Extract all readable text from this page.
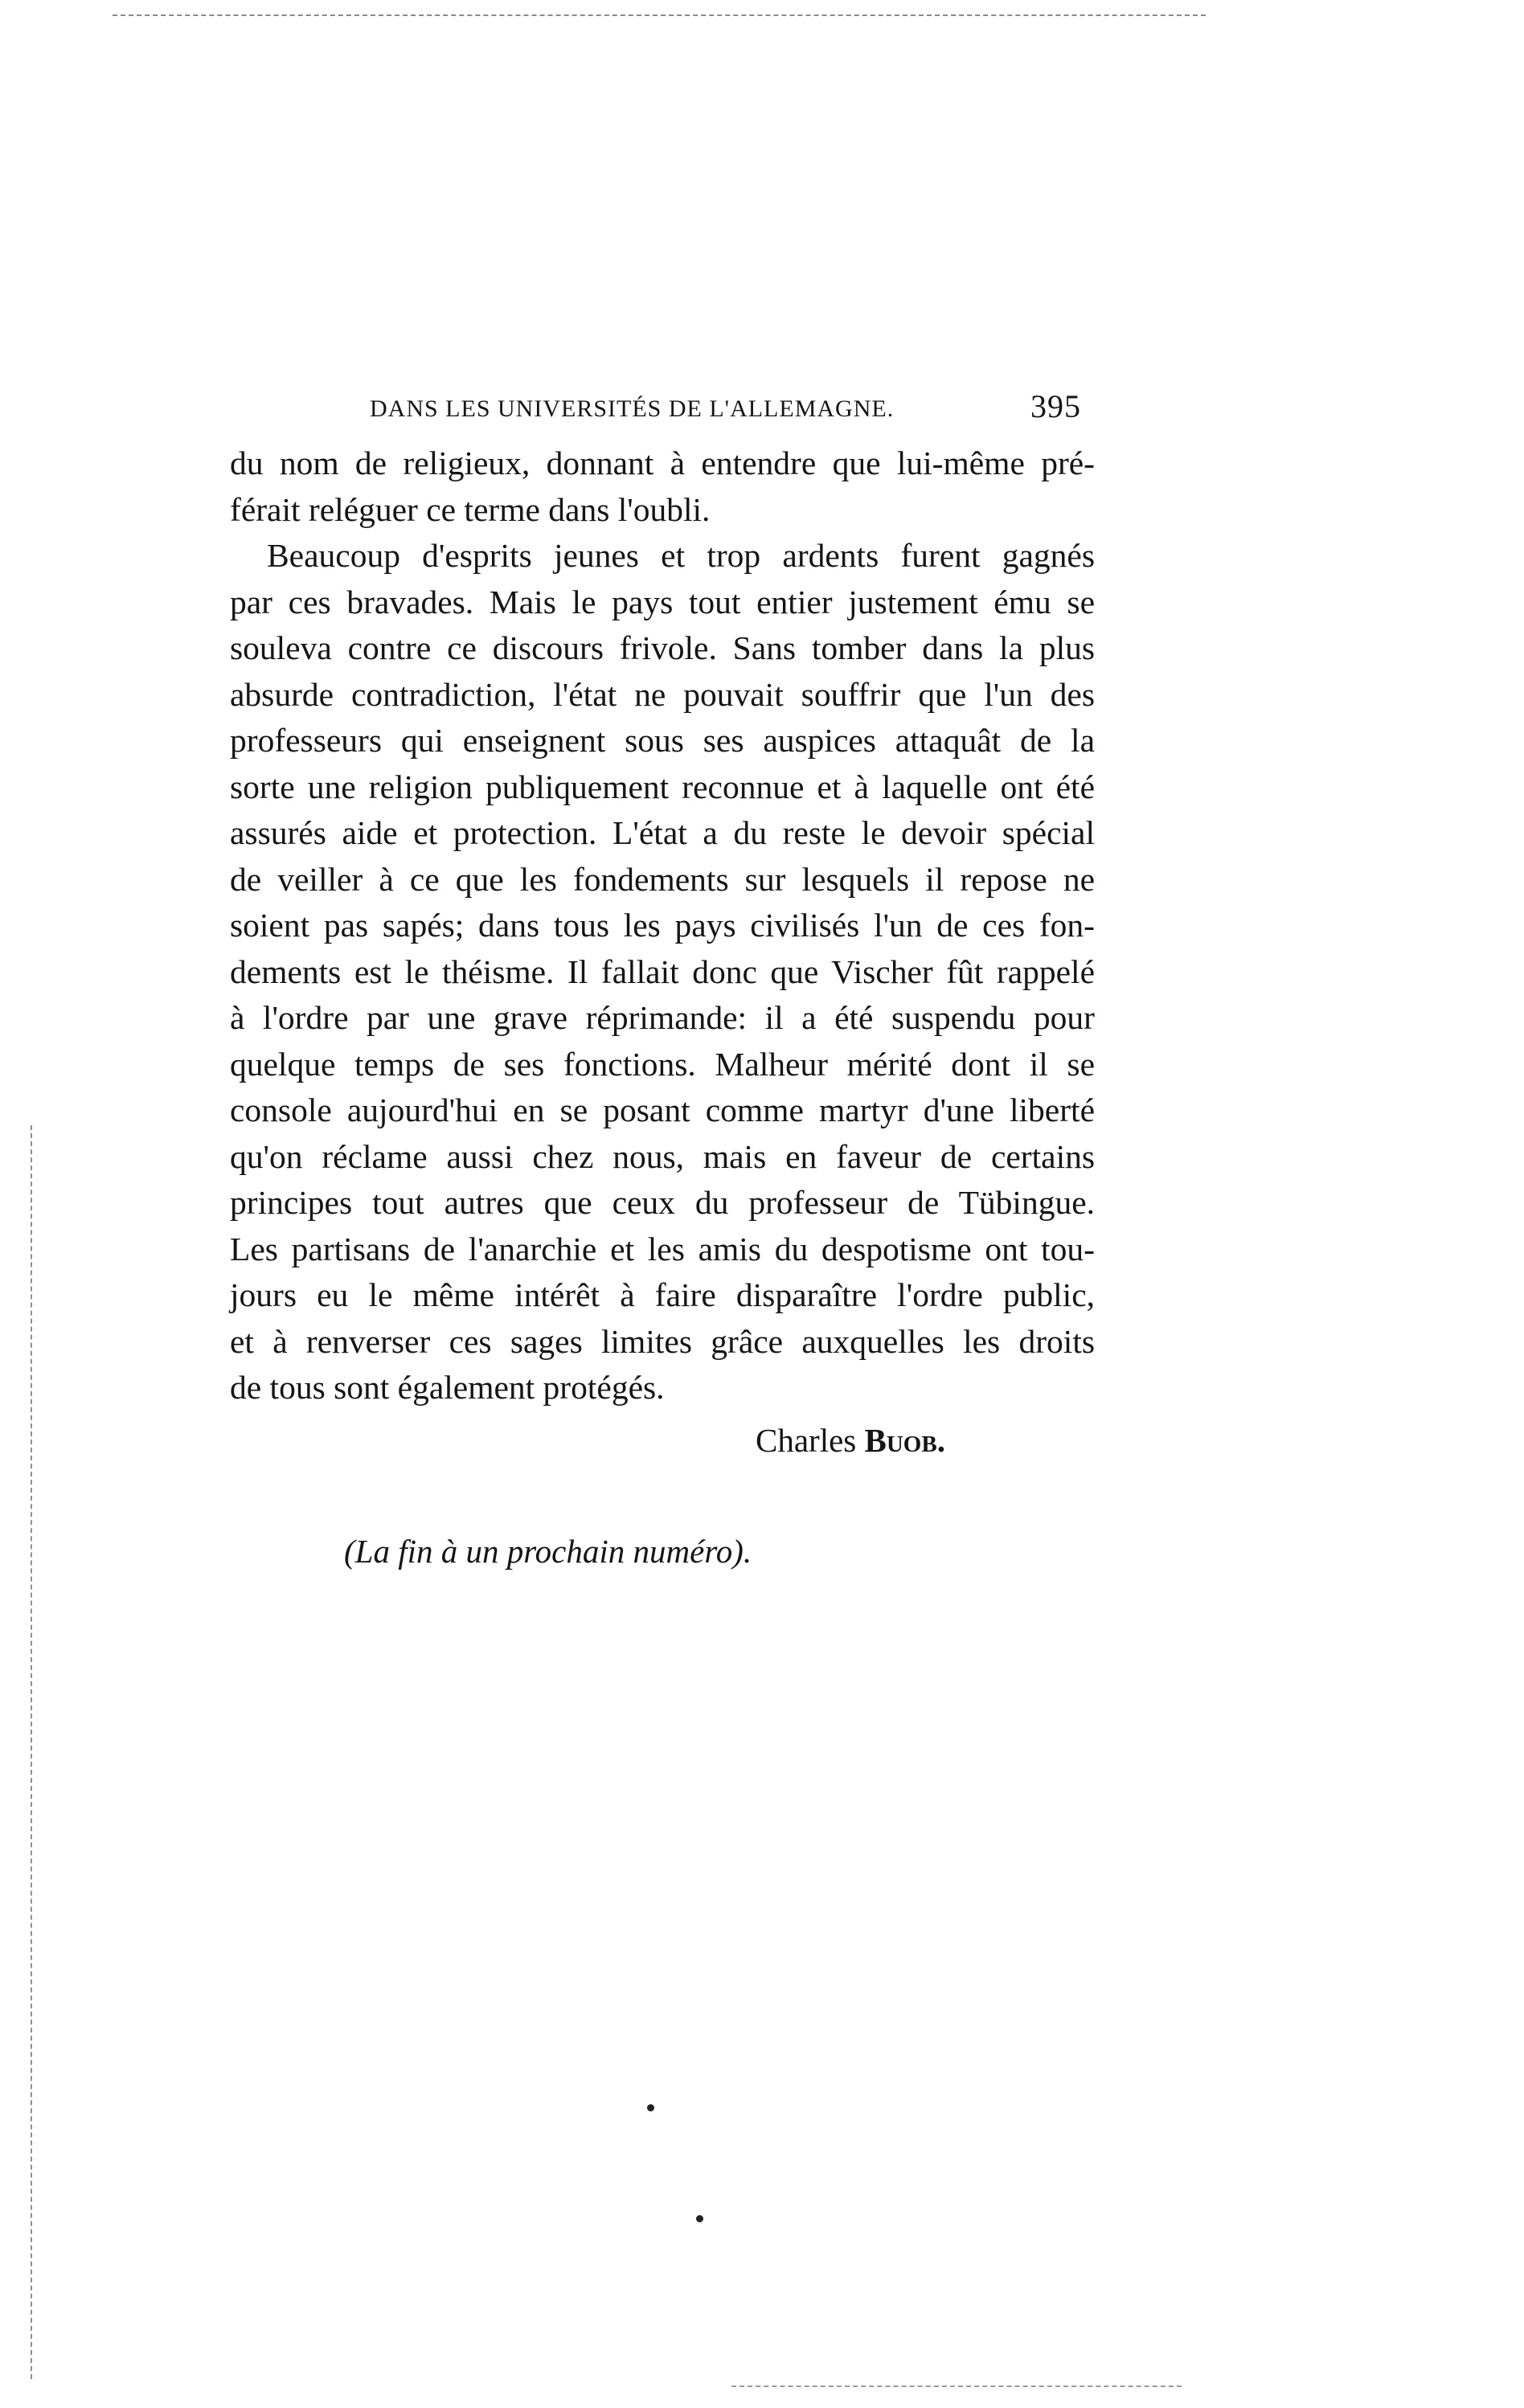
DANS LES UNIVERSITÉS DE L'ALLEMAGNE.	395
du nom de religieux, donnant à entendre que lui-même pré-
férait reléguer ce terme dans l'oubli.
Beaucoup d'esprits jeunes et trop ardents furent gagnés
par ces bravades. Mais le pays tout entier justement ému se
souleva contre ce discours frivole. Sans tomber dans la plus
absurde contradiction, l'état ne pouvait souffrir que l'un des
professeurs qui enseignent sous ses auspices attaquât de la
sorte une religion publiquement reconnue et à laquelle ont été
assurés aide et protection. L'état a du reste le devoir spécial
de veiller à ce que les fondements sur lesquels il repose ne
soient pas sapés; dans tous les pays civilisés l'un de ces fon-
dements est le théisme. Il fallait donc que Vischer fût rappelé
à l'ordre par une grave réprimande: il a été suspendu pour
quelque temps de ses fonctions. Malheur mérité dont il se
console aujourd'hui en se posant comme martyr d'une liberté
qu'on réclame aussi chez nous, mais en faveur de certains
principes tout autres que ceux du professeur de Tübingue.
Les partisans de l'anarchie et les amis du despotisme ont tou-
jours eu le même intérêt à faire disparaître l'ordre public,
et à renverser ces sages limites grâce auxquelles les droits
de tous sont également protégés.
Charles Buob.
(La fin à un prochain numéro).
